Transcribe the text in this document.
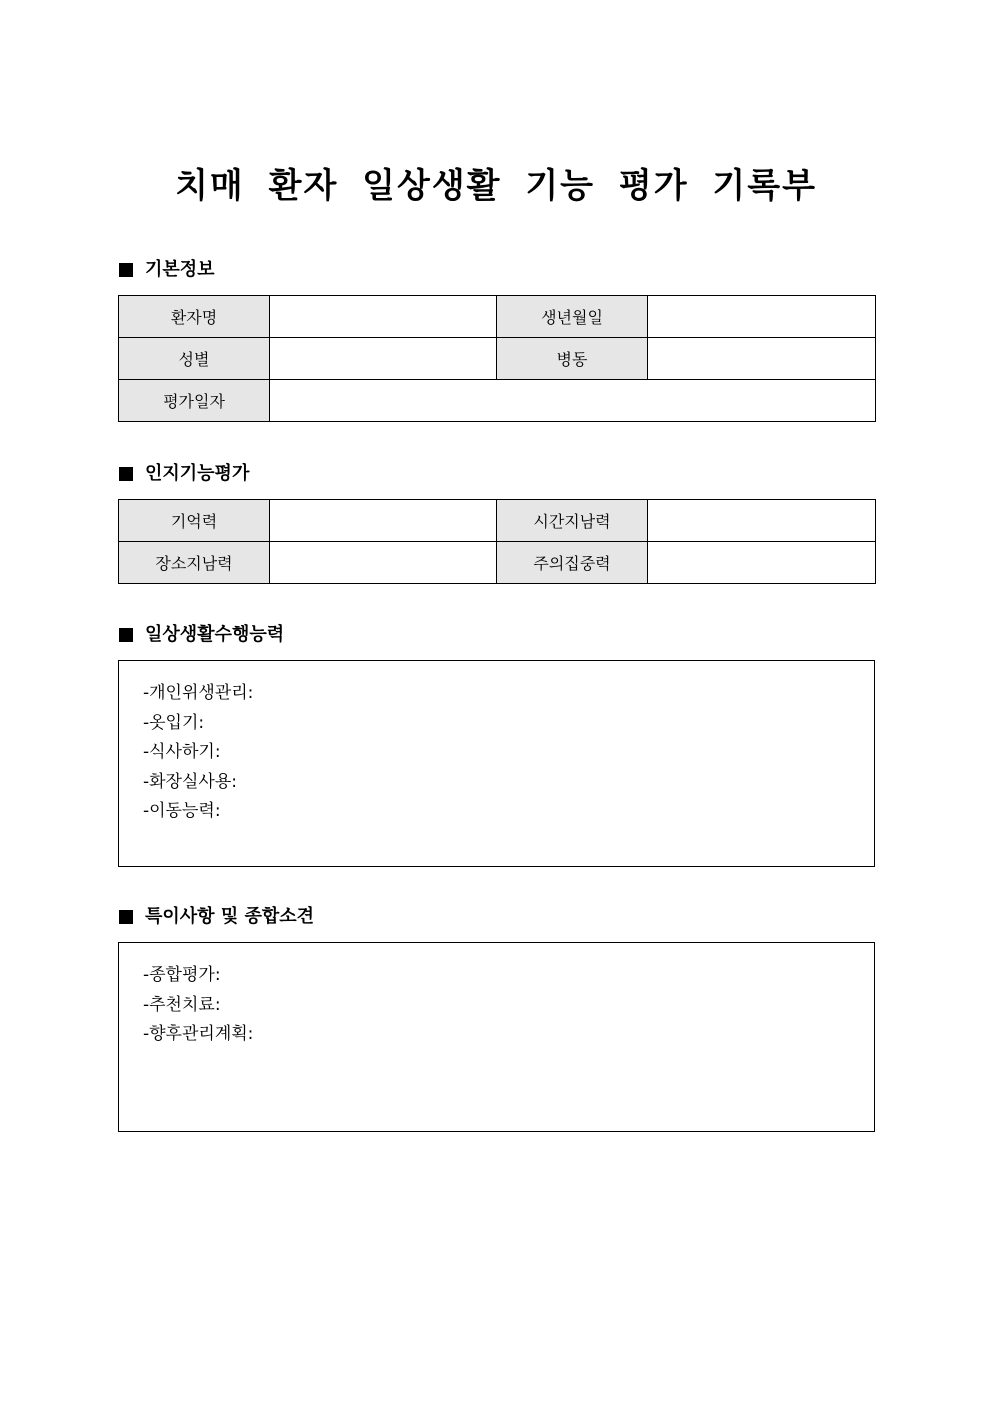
치매 환자 일상생활 기능 평가 기록부
기본정보
환자명		생년월일	
성별		병동	
평가일자			
인지기능평가
기억력		시간지남력	
장소지남력		주의집중력	
일상생활수행능력
-개인위생관리:
-옷입기:
-식사하기:
-화장실사용:
-이동능력:
특이사항 및 종합소견
-종합평가:
-추천치료:
-향후관리계획:
